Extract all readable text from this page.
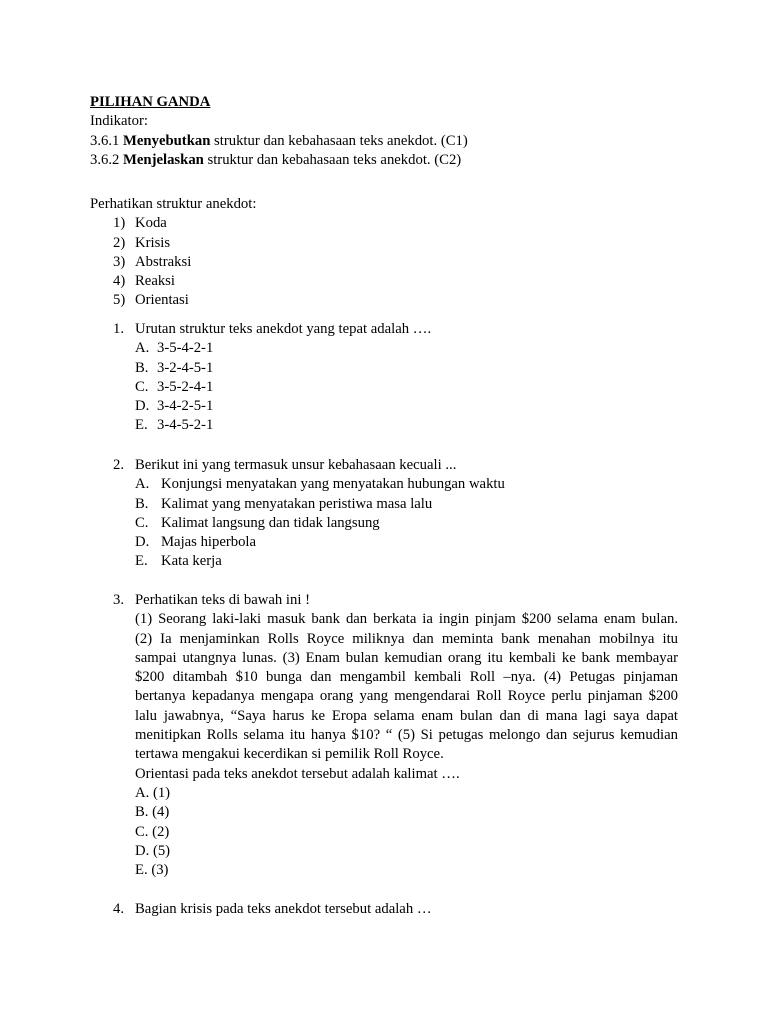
PILIHAN GANDA
Indikator:
3.6.1
Menyebutkan
struktur dan kebahasaan teks anekdot. (C1)
3.6.2
Menjelaskan
struktur dan kebahasaan teks anekdot. (C2)
Perhatikan struktur anekdot:
1) Koda
2) Krisis
3) Abstraksi
4) Reaksi
5) Orientasi
1. Urutan struktur teks anekdot yang tepat adalah ….
A. 3-5-4-2-1
B. 3-2-4-5-1
C. 3-5-2-4-1
D. 3-4-2-5-1
E. 3-4-5-2-1
2. Berikut ini yang termasuk unsur kebahasaan kecuali ...
A. Konjungsi menyatakan yang menyatakan hubungan waktu
B. Kalimat yang menyatakan peristiwa masa lalu
C. Kalimat langsung dan tidak langsung
D. Majas hiperbola
E. Kata kerja
3. Perhatikan teks di bawah ini !
(1) Seorang laki-laki masuk bank dan berkata ia ingin pinjam $200 selama enam bulan.
(2) Ia menjaminkan Rolls Royce miliknya dan meminta bank menahan mobilnya itu
sampai utangnya lunas. (3) Enam bulan kemudian orang itu kembali ke bank membayar
$200 ditambah $10 bunga dan mengambil kembali Roll –nya. (4) Petugas pinjaman
bertanya kepadanya mengapa orang yang mengendarai Roll Royce perlu pinjaman $200
lalu jawabnya, “Saya harus ke Eropa selama enam bulan dan di mana lagi saya dapat
menitipkan Rolls selama itu hanya $10? “ (5) Si petugas melongo dan sejurus kemudian
tertawa mengakui kecerdikan si pemilik Roll Royce.
Orientasi pada teks anekdot tersebut adalah kalimat ….
A. (1)
B. (4)
C. (2)
D. (5)
E. (3)
4. Bagian krisis pada teks anekdot tersebut adalah …
